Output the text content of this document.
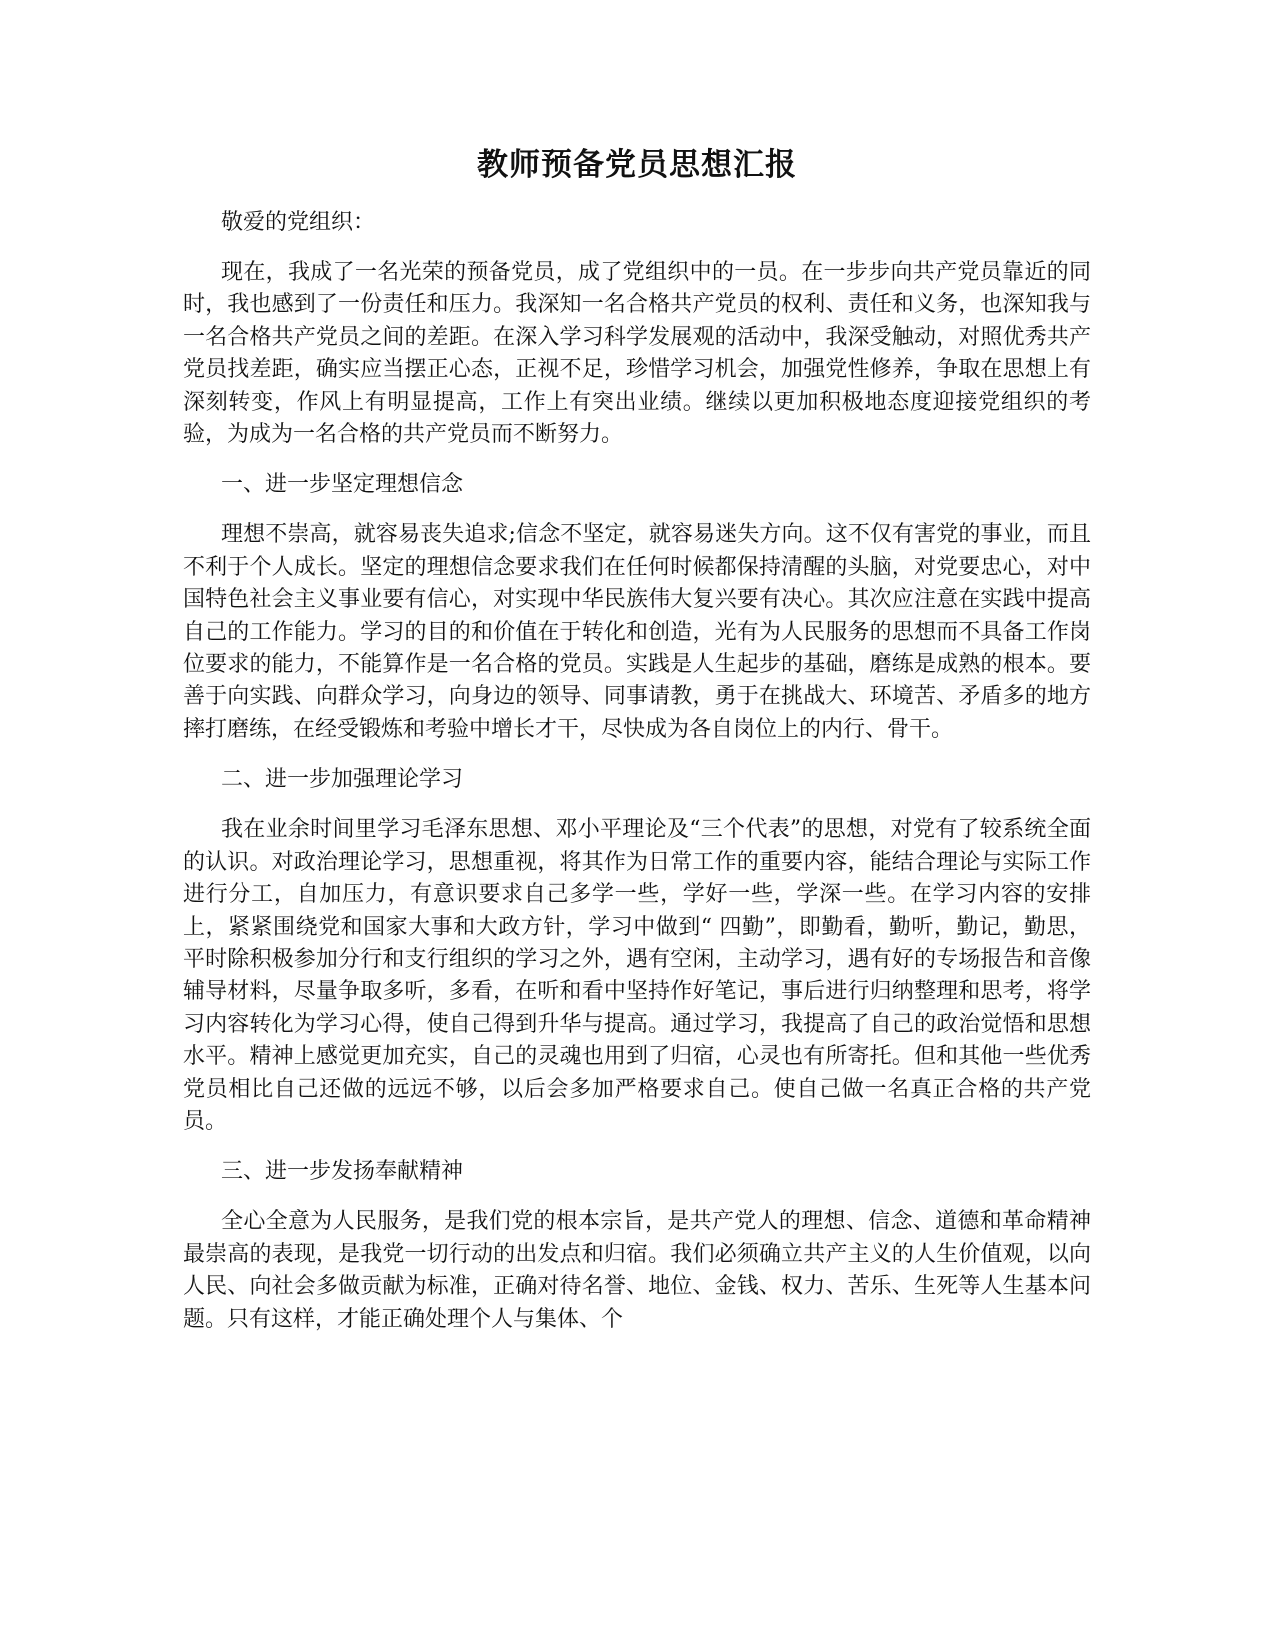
教师预备党员思想汇报

敬爱的党组织：

现在，我成了一名光荣的预备党员，成了党组织中的一员。在一步步向共产党员靠近的同时，我也感到了一份责任和压力。我深知一名合格共产党员的权利、责任和义务，也深知我与一名合格共产党员之间的差距。在深入学习科学发展观的活动中，我深受触动，对照优秀共产党员找差距，确实应当摆正心态，正视不足，珍惜学习机会，加强党性修养，争取在思想上有深刻转变，作风上有明显提高，工作上有突出业绩。继续以更加积极地态度迎接党组织的考验，为成为一名合格的共产党员而不断努力。

一、进一步坚定理想信念

理想不崇高，就容易丧失追求;信念不坚定，就容易迷失方向。这不仅有害党的事业，而且不利于个人成长。坚定的理想信念要求我们在任何时候都保持清醒的头脑，对党要忠心，对中国特色社会主义事业要有信心，对实现中华民族伟大复兴要有决心。其次应注意在实践中提高自己的工作能力。学习的目的和价值在于转化和创造，光有为人民服务的思想而不具备工作岗位要求的能力，不能算作是一名合格的党员。实践是人生起步的基础，磨练是成熟的根本。要善于向实践、向群众学习，向身边的领导、同事请教，勇于在挑战大、环境苦、矛盾多的地方摔打磨练，在经受锻炼和考验中增长才干，尽快成为各自岗位上的内行、骨干。

二、进一步加强理论学习

我在业余时间里学习毛泽东思想、邓小平理论及“三个代表”的思想，对党有了较系统全面的认识。对政治理论学习，思想重视，将其作为日常工作的重要内容，能结合理论与实际工作进行分工，自加压力，有意识要求自己多学一些，学好一些，学深一些。在学习内容的安排上，紧紧围绕党和国家大事和大政方针，学习中做到“ 四勤”，即勤看，勤听，勤记，勤思，平时除积极参加分行和支行组织的学习之外，遇有空闲，主动学习，遇有好的专场报告和音像辅导材料，尽量争取多听，多看，在听和看中坚持作好笔记，事后进行归纳整理和思考，将学习内容转化为学习心得，使自己得到升华与提高。通过学习，我提高了自己的政治觉悟和思想水平。精神上感觉更加充实，自己的灵魂也用到了归宿，心灵也有所寄托。但和其他一些优秀党员相比自己还做的远远不够，以后会多加严格要求自己。使自己做一名真正合格的共产党员。

三、进一步发扬奉献精神

全心全意为人民服务，是我们党的根本宗旨，是共产党人的理想、信念、道德和革命精神最崇高的表现，是我党一切行动的出发点和归宿。我们必须确立共产主义的人生价值观，以向人民、向社会多做贡献为标准，正确对待名誉、地位、金钱、权力、苦乐、生死等人生基本问题。只有这样，才能正确处理个人与集体、个
